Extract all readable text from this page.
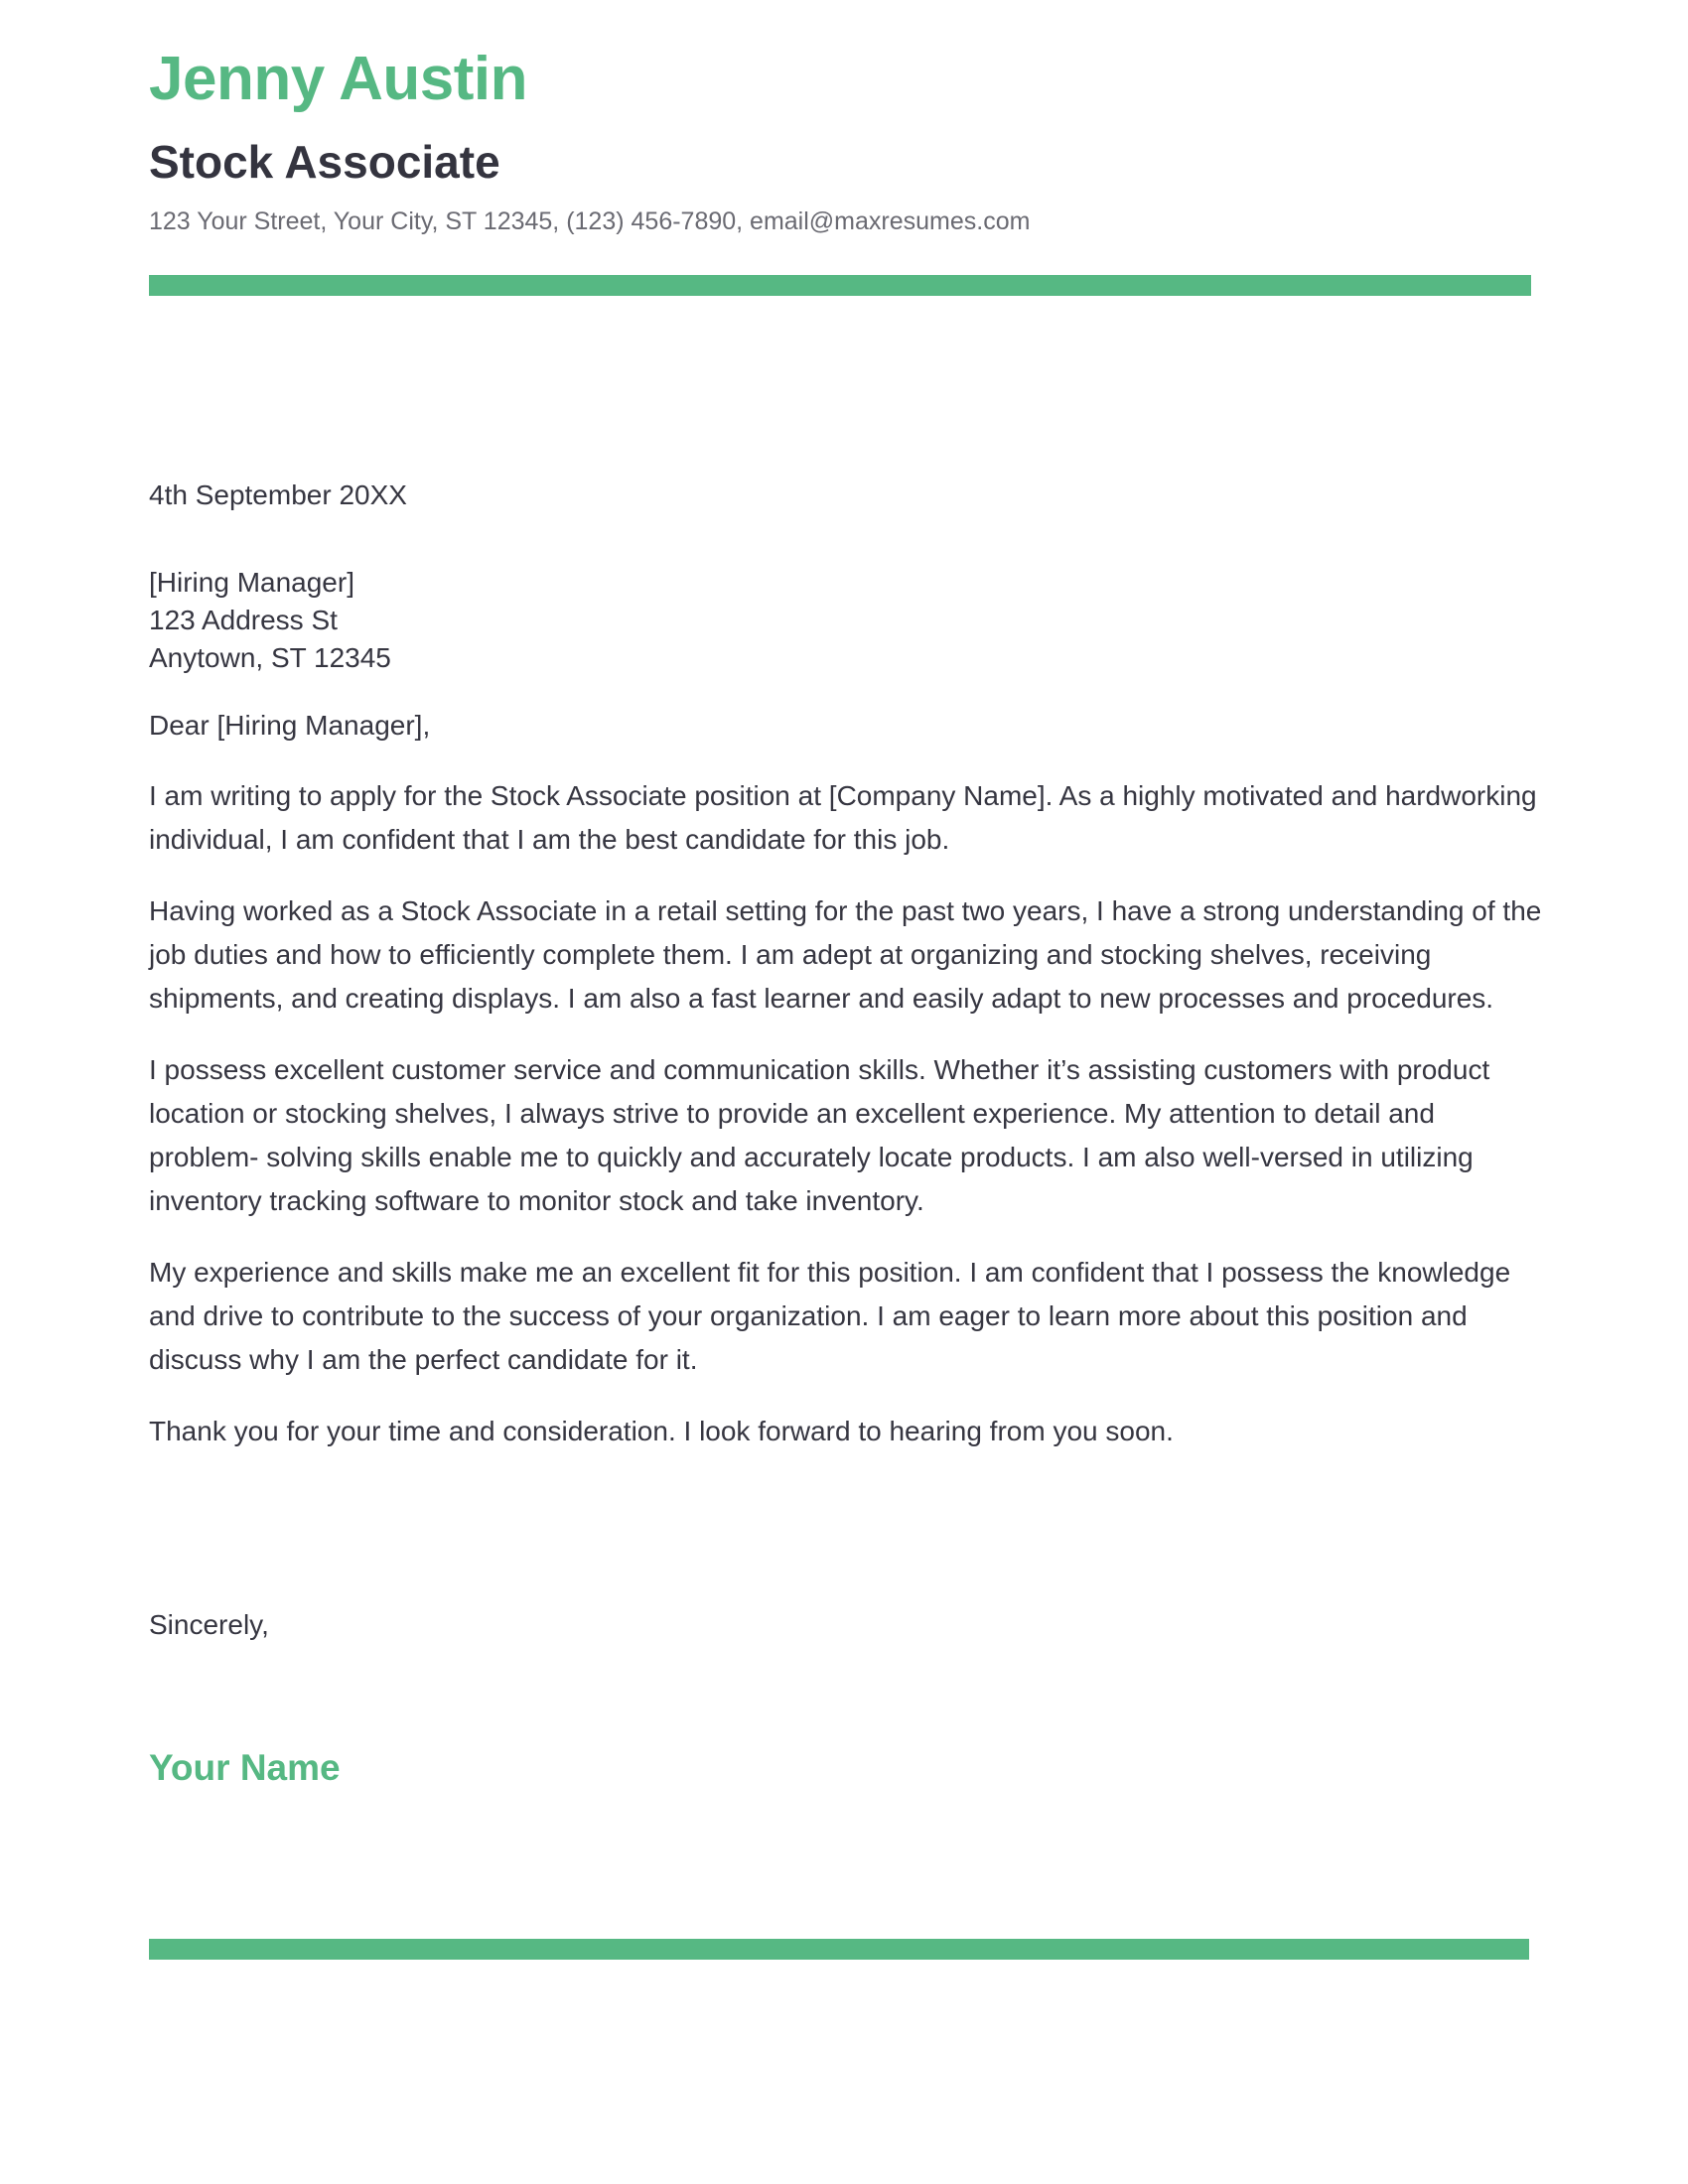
Jenny Austin
Stock Associate
123 Your Street, Your City, ST 12345, (123) 456-7890, email@maxresumes.com
4th September 20XX
[Hiring Manager]
123 Address St
Anytown, ST 12345
Dear [Hiring Manager],

I am writing to apply for the Stock Associate position at [Company Name]. As a highly motivated and hardworking individual, I am confident that I am the best candidate for this job.

Having worked as a Stock Associate in a retail setting for the past two years, I have a strong understanding of the job duties and how to efficiently complete them. I am adept at organizing and stocking shelves, receiving shipments, and creating displays. I am also a fast learner and easily adapt to new processes and procedures.

I possess excellent customer service and communication skills. Whether it’s assisting customers with product location or stocking shelves, I always strive to provide an excellent experience. My attention to detail and problem- solving skills enable me to quickly and accurately locate products. I am also well-versed in utilizing inventory tracking software to monitor stock and take inventory.

My experience and skills make me an excellent fit for this position. I am confident that I possess the knowledge and drive to contribute to the success of your organization. I am eager to learn more about this position and discuss why I am the perfect candidate for it.

Thank you for your time and consideration. I look forward to hearing from you soon.

Sincerely,
Your Name
